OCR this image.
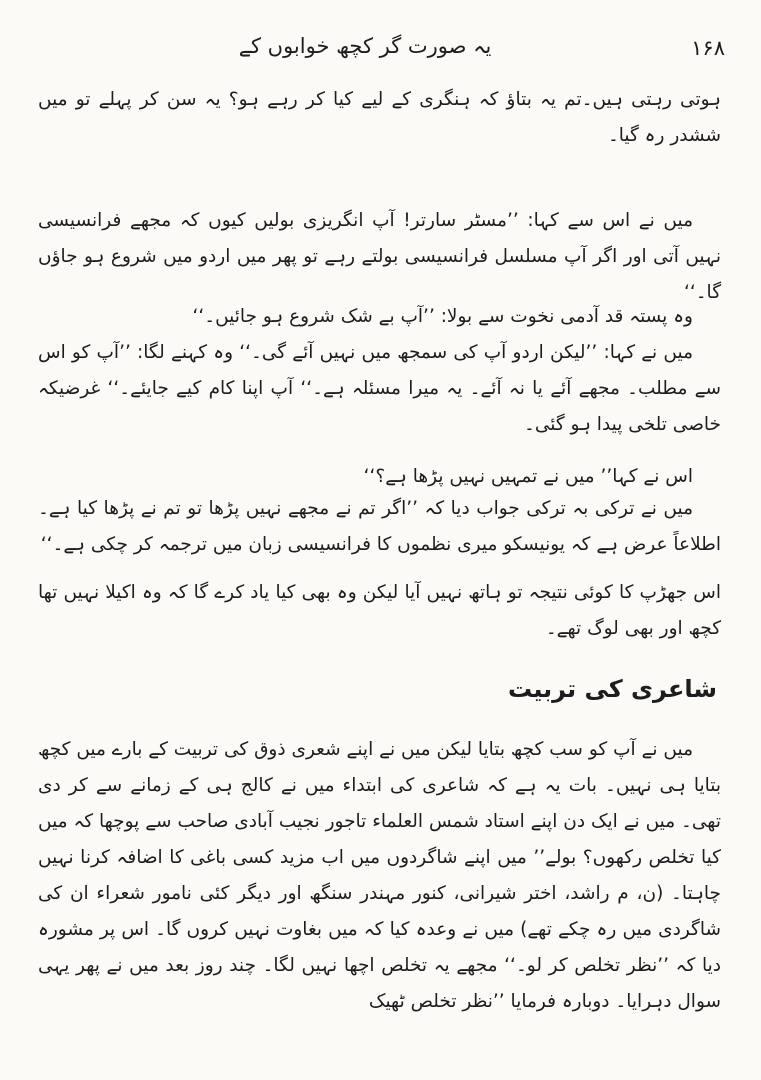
یہ صورت گر کچھ خوابوں کے	۱۶۸

ہوتی رہتی ہیں۔تم یہ بتاؤ کہ ہنگری کے لیے کیا کر رہے ہو؟ یہ سن کر پہلے تو میں ششدر رہ گیا۔

میں نے اس سے کہا: ’’مسٹر سارتر! آپ انگریزی بولیں کیوں کہ مجھے فرانسیسی نہیں آتی اور اگر آپ مسلسل فرانسیسی بولتے رہے تو پھر میں اردو میں شروع ہو جاؤں گا۔‘‘

وہ پستہ قد آدمی نخوت سے بولا: ’’آپ بے شک شروع ہو جائیں۔‘‘

میں نے کہا: ’’لیکن اردو آپ کی سمجھ میں نہیں آئے گی۔‘‘ وہ کہنے لگا: ’’آپ کو اس سے مطلب۔ مجھے آئے یا نہ آئے۔ یہ میرا مسئلہ ہے۔‘‘ آپ اپنا کام کیے جایئے۔‘‘ غرضیکہ خاصی تلخی پیدا ہو گئی۔

اس نے کہا’’ میں نے تمہیں نہیں پڑھا ہے؟‘‘

میں نے ترکی بہ ترکی جواب دیا کہ ’’اگر تم نے مجھے نہیں پڑھا تو تم نے پڑھا کیا ہے۔ اطلاعاً عرض ہے کہ یونیسکو میری نظموں کا فرانسیسی زبان میں ترجمہ کر چکی ہے۔‘‘

اس جھڑپ کا کوئی نتیجہ تو ہاتھ نہیں آیا لیکن وہ بھی کیا یاد کرے گا کہ وہ اکیلا نہیں تھا کچھ اور بھی لوگ تھے۔

شاعری کی تربیت

میں نے آپ کو سب کچھ بتایا لیکن میں نے اپنے شعری ذوق کی تربیت کے بارے میں کچھ بتایا ہی نہیں۔ بات یہ ہے کہ شاعری کی ابتداء میں نے کالج ہی کے زمانے سے کر دی تھی۔ میں نے ایک دن اپنے استاد شمس العلماء تاجور نجیب آبادی صاحب سے پوچھا کہ میں کیا تخلص رکھوں؟ بولے’’ میں اپنے شاگردوں میں اب مزید کسی باغی کا اضافہ کرنا نہیں چاہتا۔ (ن، م راشد، اختر شیرانی، کنور مہندر سنگھ اور دیگر کئی نامور شعراء ان کی شاگردی میں رہ چکے تھے) میں نے وعدہ کیا کہ میں بغاوت نہیں کروں گا۔ اس پر مشورہ دیا کہ ’’نظر تخلص کر لو۔‘‘ مجھے یہ تخلص اچھا نہیں لگا۔ چند روز بعد میں نے پھر یہی سوال دہرایا۔ دوبارہ فرمایا ’’نظر تخلص ٹھیک
